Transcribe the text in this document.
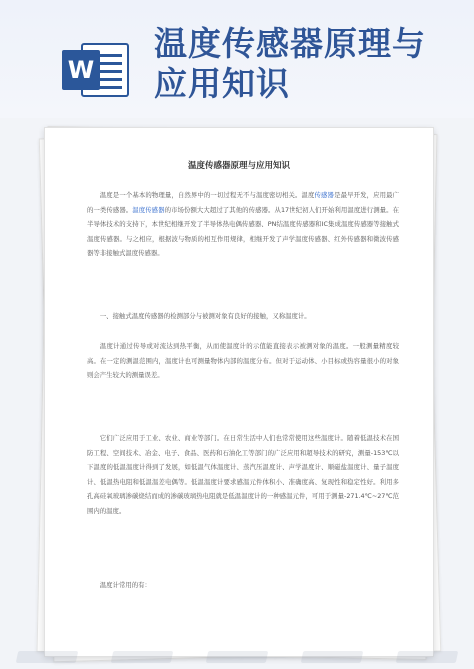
W
温度传感器原理与
应用知识
温度传感器原理与应用知识
温度是一个基本的物理量，自然界中的一切过程无不与温度密切相关。温度传感器是最早开发，应用最广的一类传感器。温度传感器的市场份额大大超过了其他的传感器。从17世纪初人们开始利用温度进行测量。在半导体技术的支持下，本世纪相继开发了半导体热电偶传感器、PN结温度传感器和IC集成温度传感器等接触式温度传感器。与之相应，根据波与物质的相互作用规律，相继开发了声学温度传感器、红外传感器和微波传感器等非接触式温度传感器。
一、接触式温度传感器的检测部分与被测对象有良好的接触，又称温度计。
温度计通过传导或对流达到热平衡，从而使温度计的示值能直接表示被测对象的温度。一般测量精度较高。在一定的测温范围内，温度计也可测量物体内部的温度分布。但对于运动体、小目标或热容量很小的对象则会产生较大的测量误差。
它们广泛应用于工业、农业、商业等部门。在日常生活中人们也常常使用这些温度计。随着低温技术在国防工程、空间技术、冶金、电子、食品、医药和石油化工等部门的广泛应用和超导技术的研究，测量-153℃以下温度的低温温度计得到了发展，如低温气体温度计、蒸汽压温度计、声学温度计、顺磁盐温度计、量子温度计、低温热电阻和低温温差电偶等。低温温度计要求感温元件体积小、准确度高、复现性和稳定性好。利用多孔高硅氧玻璃渗碳烧结而成的渗碳玻璃热电阻就是低温温度计的一种感温元件，可用于测量-271.4℃~27℃范围内的温度。
温度计常用的有：
